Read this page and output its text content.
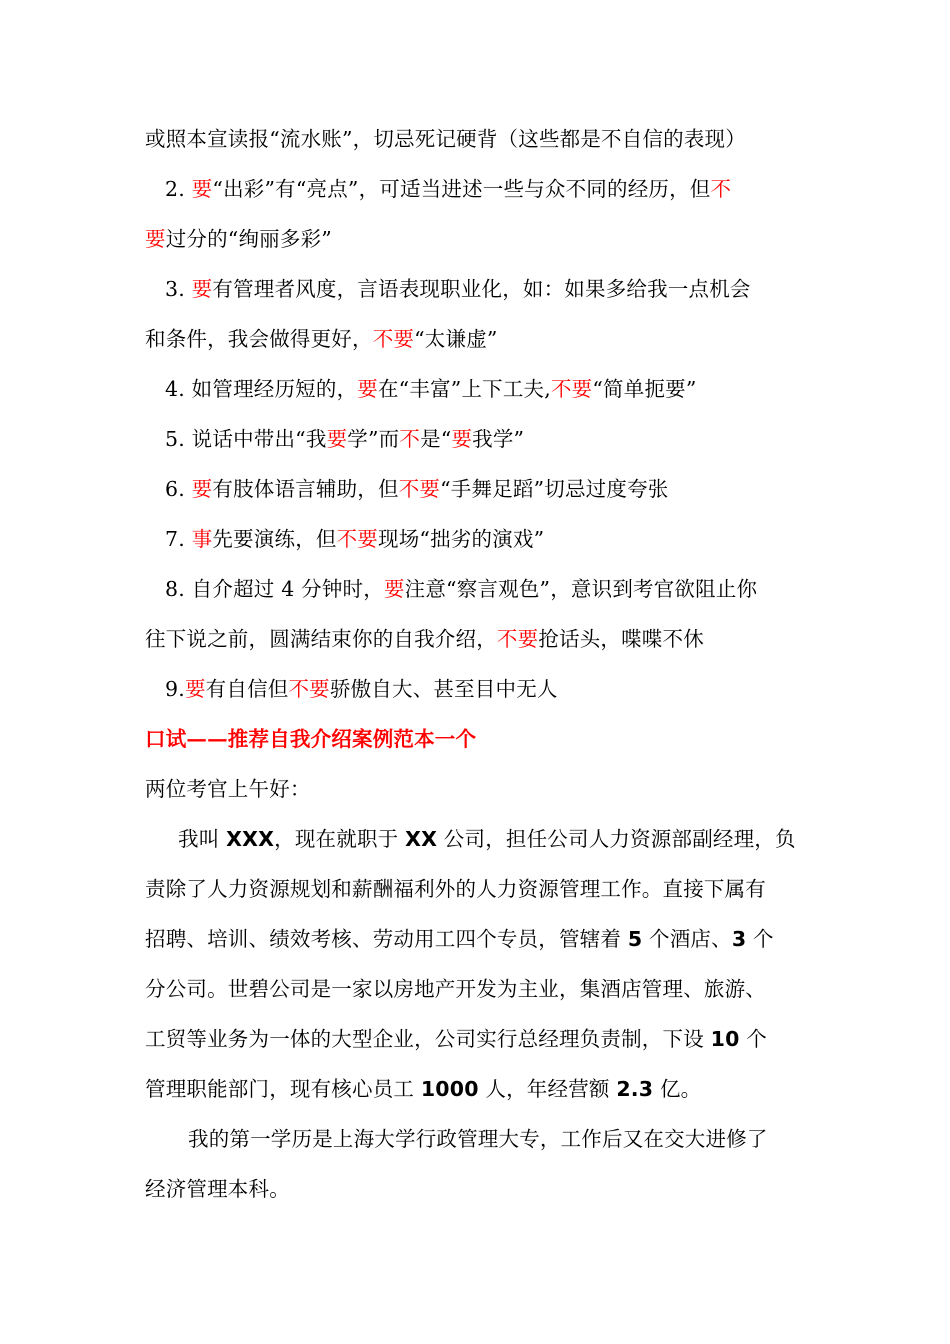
或照本宣读报“流水账”，切忌死记硬背（这些都是不自信的表现）
2. 要“出彩”有“亮点”，可适当进述一些与众不同的经历，但不
要过分的“绚丽多彩”
3. 要有管理者风度，言语表现职业化，如：如果多给我一点机会
和条件，我会做得更好，不要“太谦虚”
4. 如管理经历短的，要在“丰富”上下工夫,不要“简单扼要”
5. 说话中带出“我要学”而不是“要我学”
6. 要有肢体语言辅助，但不要“手舞足蹈”切忌过度夸张
7. 事先要演练，但不要现场“拙劣的演戏”
8. 自介超过 4 分钟时，要注意“察言观色”，意识到考官欲阻止你
往下说之前，圆满结束你的自我介绍，不要抢话头，喋喋不休
9.要有自信但不要骄傲自大、甚至目中无人
口试——推荐自我介绍案例范本一个
两位考官上午好：
我叫 XXX，现在就职于 XX 公司，担任公司人力资源部副经理，负
责除了人力资源规划和薪酬福利外的人力资源管理工作。直接下属有
招聘、培训、绩效考核、劳动用工四个专员，管辖着 5 个酒店、3 个
分公司。世碧公司是一家以房地产开发为主业，集酒店管理、旅游、
工贸等业务为一体的大型企业，公司实行总经理负责制，下设 10 个
管理职能部门，现有核心员工 1000 人，年经营额 2.3 亿。
我的第一学历是上海大学行政管理大专，工作后又在交大进修了
经济管理本科。
